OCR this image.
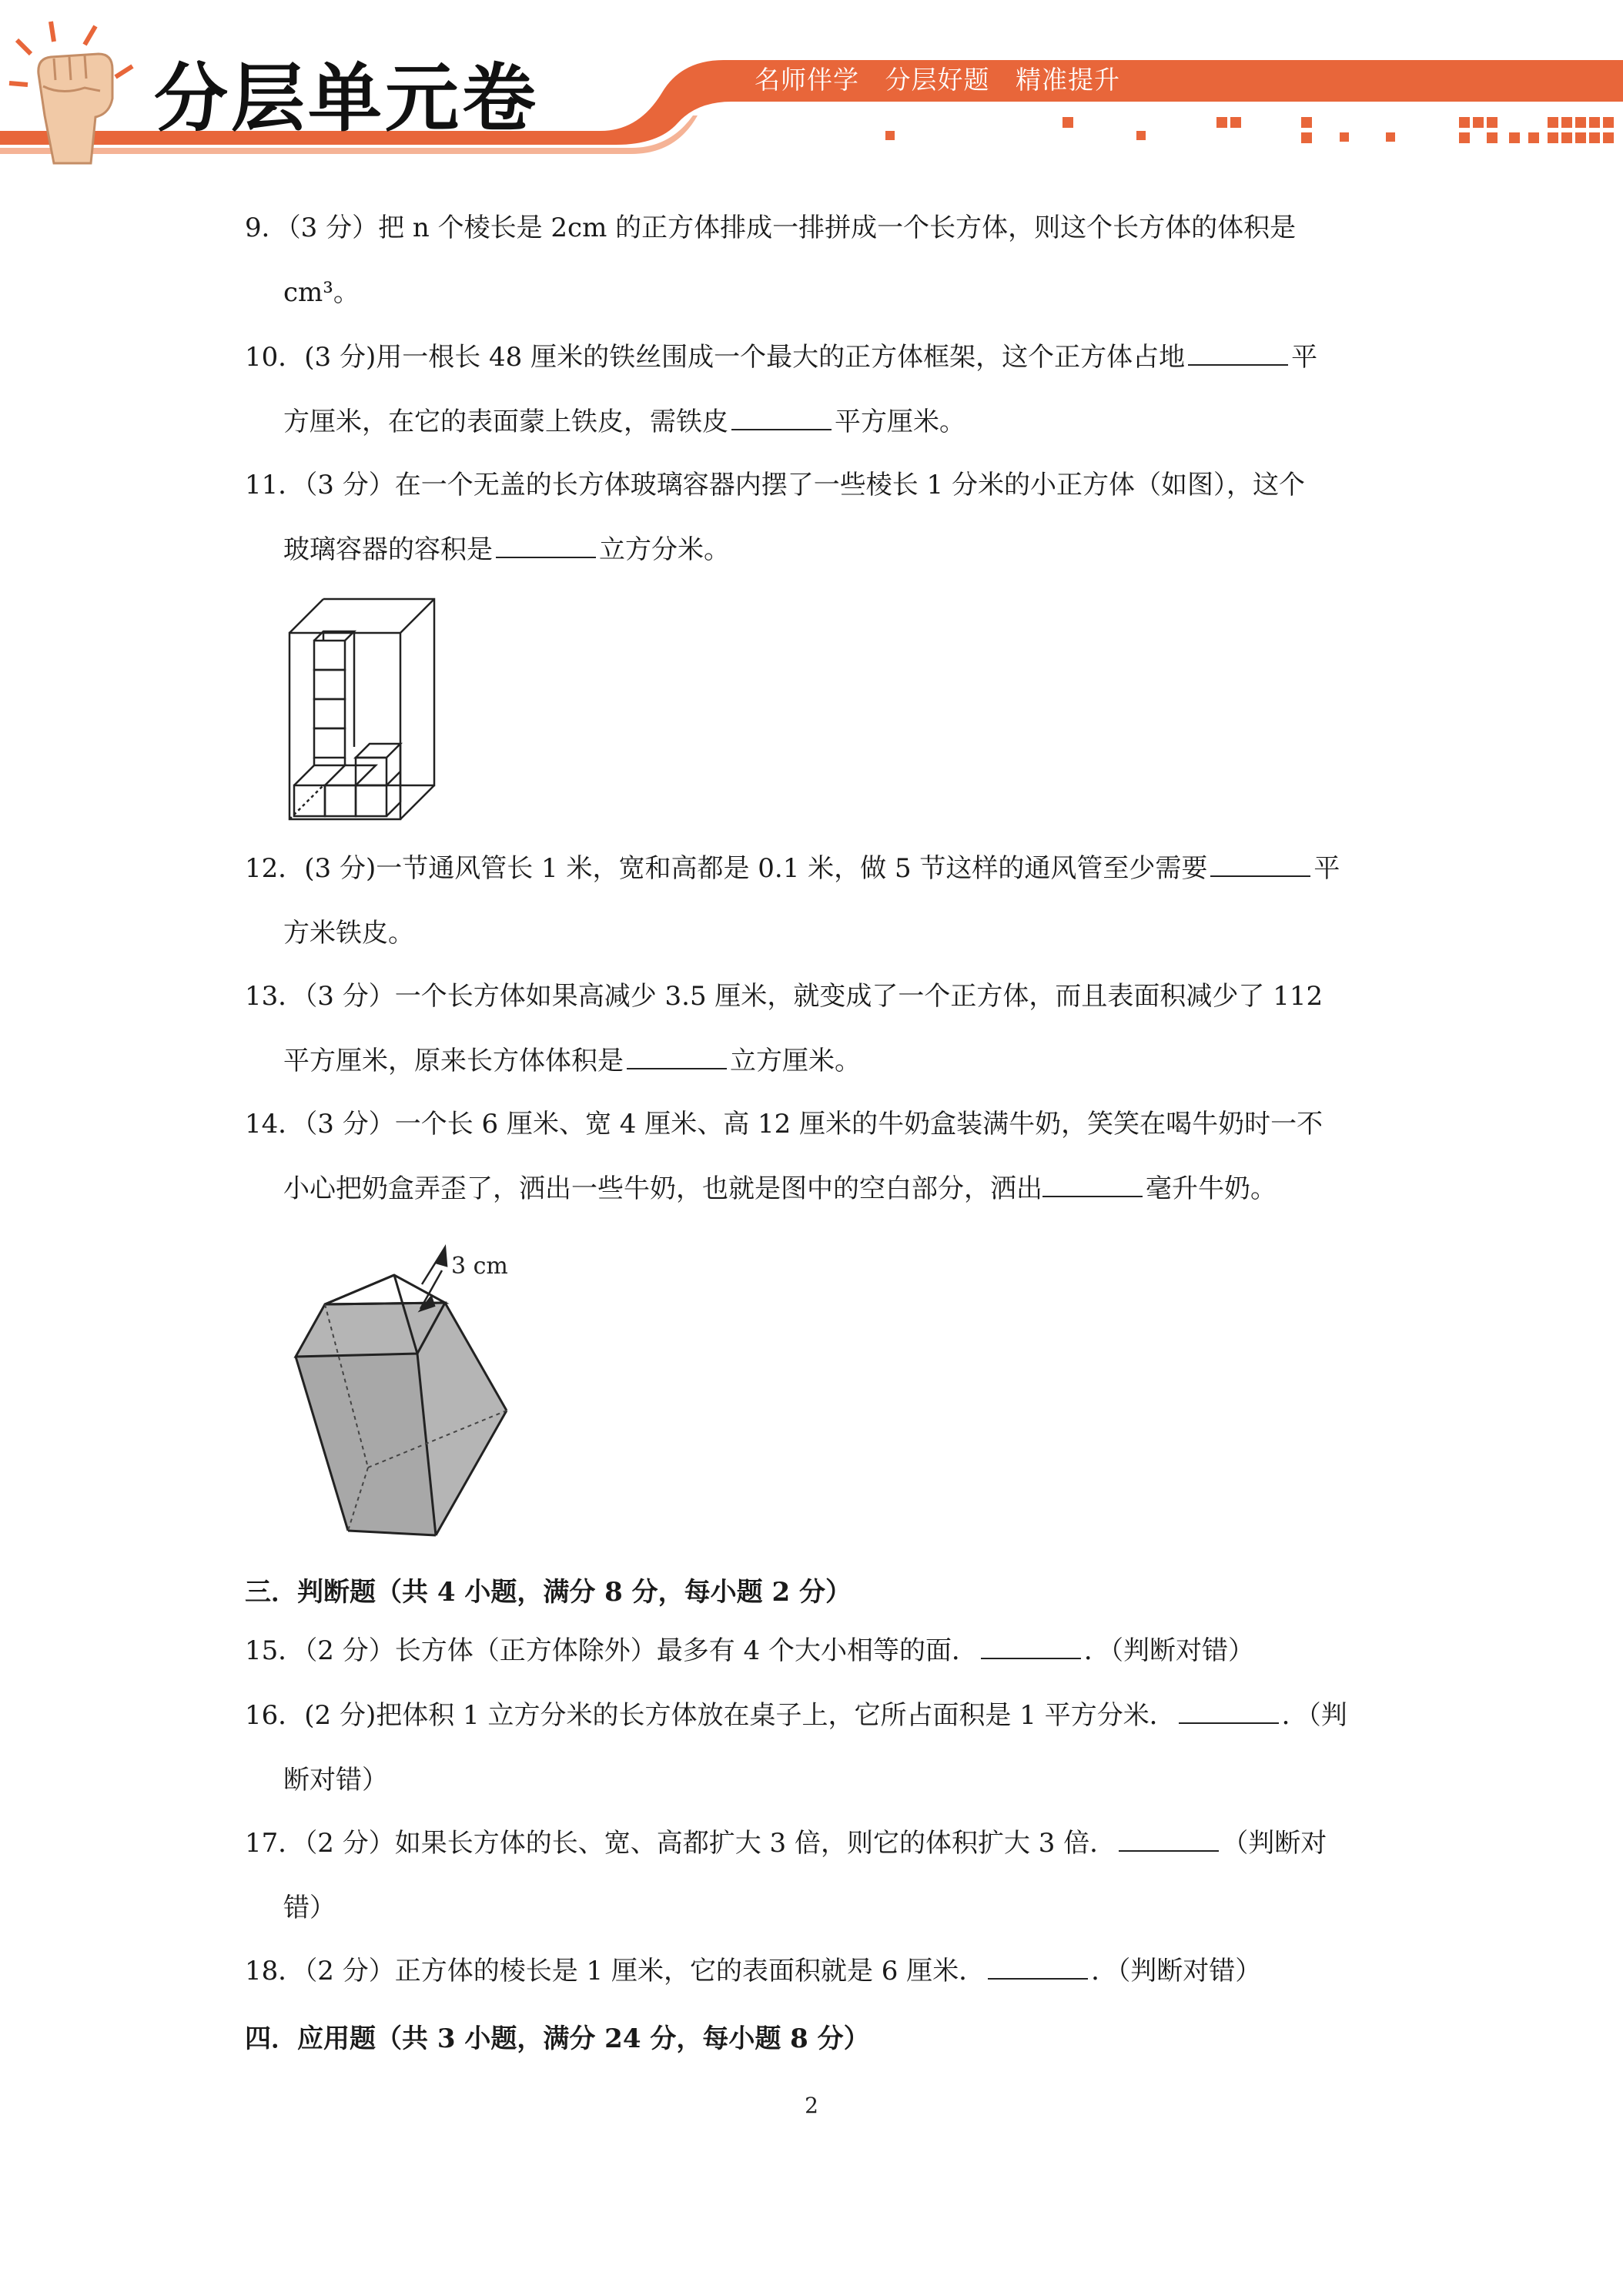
分层单元卷	名师伴学 分层好题 精准提升
9．（3 分）把 n 个棱长是 2cm 的正方体排成一排拼成一个长方体，则这个长方体的体积是
cm³。
10．(3 分)用一根长 48 厘米的铁丝围成一个最大的正方体框架，这个正方体占地	平
方厘米，在它的表面蒙上铁皮，需铁皮	平方厘米。
11．（3 分）在一个无盖的长方体玻璃容器内摆了一些棱长 1 分米的小正方体（如图），这个
玻璃容器的容积是	立方分米。
12．(3 分)一节通风管长 1 米，宽和高都是 0.1 米，做 5 节这样的通风管至少需要	平
方米铁皮。
13．（3 分）一个长方体如果高减少 3.5 厘米，就变成了一个正方体，而且表面积减少了 112
平方厘米，原来长方体体积是	立方厘米。
14．（3 分）一个长 6 厘米、宽 4 厘米、高 12 厘米的牛奶盒装满牛奶，笑笑在喝牛奶时一不
小心把奶盒弄歪了，洒出一些牛奶，也就是图中的空白部分，洒出	毫升牛奶。
3 cm
三．判断题（共 4 小题，满分 8 分，每小题 2 分）
15．（2 分）长方体（正方体除外）最多有 4 个大小相等的面．	．（判断对错）
16．(2 分)把体积 1 立方分米的长方体放在桌子上，它所占面积是 1 平方分米．	．（判
断对错）
17．（2 分）如果长方体的长、宽、高都扩大 3 倍，则它的体积扩大 3 倍．	（判断对
错）
18．（2 分）正方体的棱长是 1 厘米，它的表面积就是 6 厘米．	．（判断对错）
四．应用题（共 3 小题，满分 24 分，每小题 8 分）
2
